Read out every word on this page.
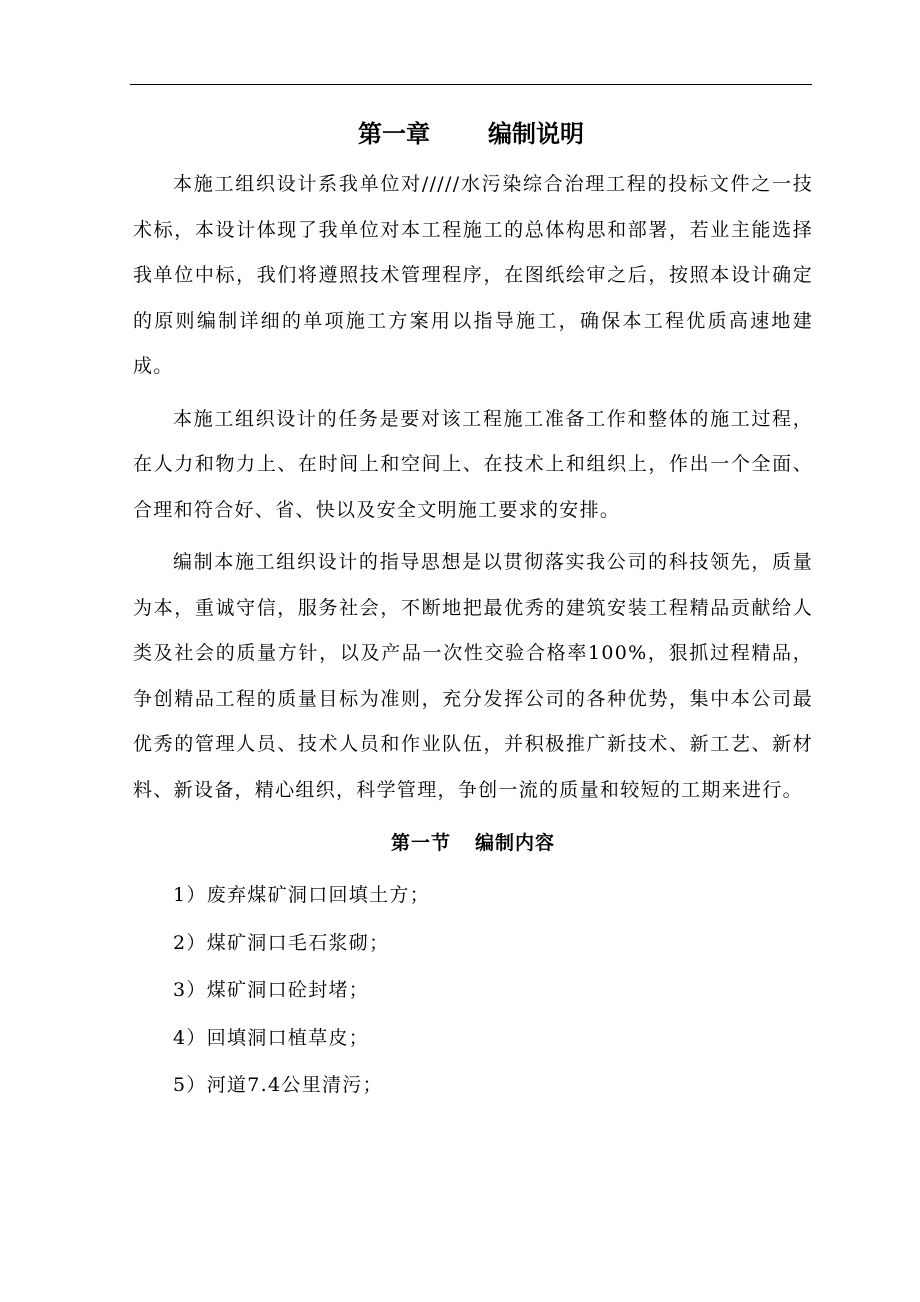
第一章 编制说明

本施工组织设计系我单位对/////水污染综合治理工程的投标文件之一技术标，本设计体现了我单位对本工程施工的总体构思和部署，若业主能选择我单位中标，我们将遵照技术管理程序，在图纸绘审之后，按照本设计确定的原则编制详细的单项施工方案用以指导施工，确保本工程优质高速地建成。

本施工组织设计的任务是要对该工程施工准备工作和整体的施工过程，在人力和物力上、在时间上和空间上、在技术上和组织上，作出一个全面、合理和符合好、省、快以及安全文明施工要求的安排。

编制本施工组织设计的指导思想是以贯彻落实我公司的科技领先，质量为本，重诚守信，服务社会，不断地把最优秀的建筑安装工程精品贡献给人类及社会的质量方针，以及产品一次性交验合格率100%，狠抓过程精品，争创精品工程的质量目标为准则，充分发挥公司的各种优势，集中本公司最优秀的管理人员、技术人员和作业队伍，并积极推广新技术、新工艺、新材料、新设备，精心组织，科学管理，争创一流的质量和较短的工期来进行。

第一节 编制内容
1）废弃煤矿洞口回填土方；
2）煤矿洞口毛石浆砌；
3）煤矿洞口砼封堵；
4）回填洞口植草皮；
5）河道7.4公里清污；
